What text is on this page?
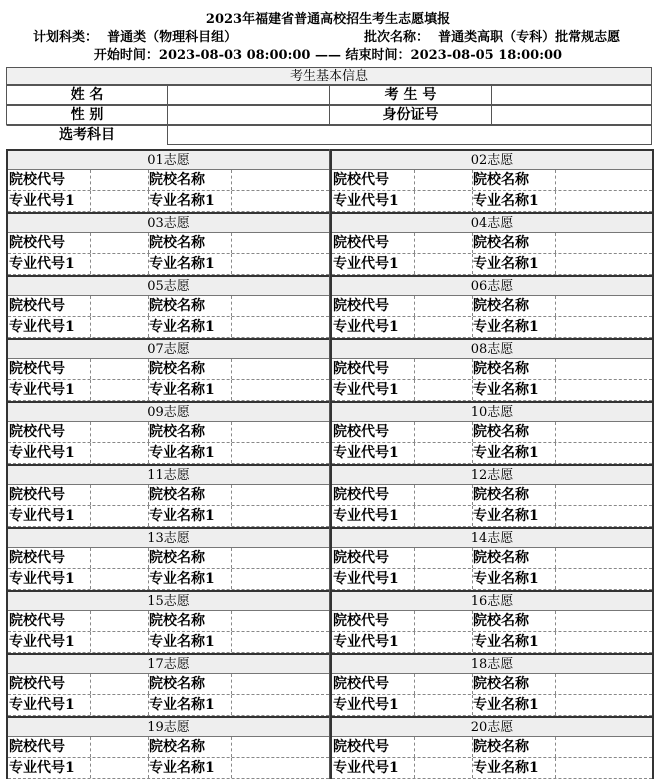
2023年福建省普通高校招生考生志愿填报
计划科类： 普通类（物理科目组）	批次名称： 普通类高职（专科）批常规志愿
开始时间：2023-08-03 08:00:00 —— 结束时间：2023-08-05 18:00:00
考生基本信息
姓 名	考 生 号
性 别	身份证号
选考科目
01志愿
院校代号	院校名称
专业代号1	专业名称1
02志愿
院校代号	院校名称
专业代号1	专业名称1
03志愿
院校代号	院校名称
专业代号1	专业名称1
04志愿
院校代号	院校名称
专业代号1	专业名称1
05志愿
院校代号	院校名称
专业代号1	专业名称1
06志愿
院校代号	院校名称
专业代号1	专业名称1
07志愿
院校代号	院校名称
专业代号1	专业名称1
08志愿
院校代号	院校名称
专业代号1	专业名称1
09志愿
院校代号	院校名称
专业代号1	专业名称1
10志愿
院校代号	院校名称
专业代号1	专业名称1
11志愿
院校代号	院校名称
专业代号1	专业名称1
12志愿
院校代号	院校名称
专业代号1	专业名称1
13志愿
院校代号	院校名称
专业代号1	专业名称1
14志愿
院校代号	院校名称
专业代号1	专业名称1
15志愿
院校代号	院校名称
专业代号1	专业名称1
16志愿
院校代号	院校名称
专业代号1	专业名称1
17志愿
院校代号	院校名称
专业代号1	专业名称1
18志愿
院校代号	院校名称
专业代号1	专业名称1
19志愿
院校代号	院校名称
专业代号1	专业名称1
20志愿
院校代号	院校名称
专业代号1	专业名称1
